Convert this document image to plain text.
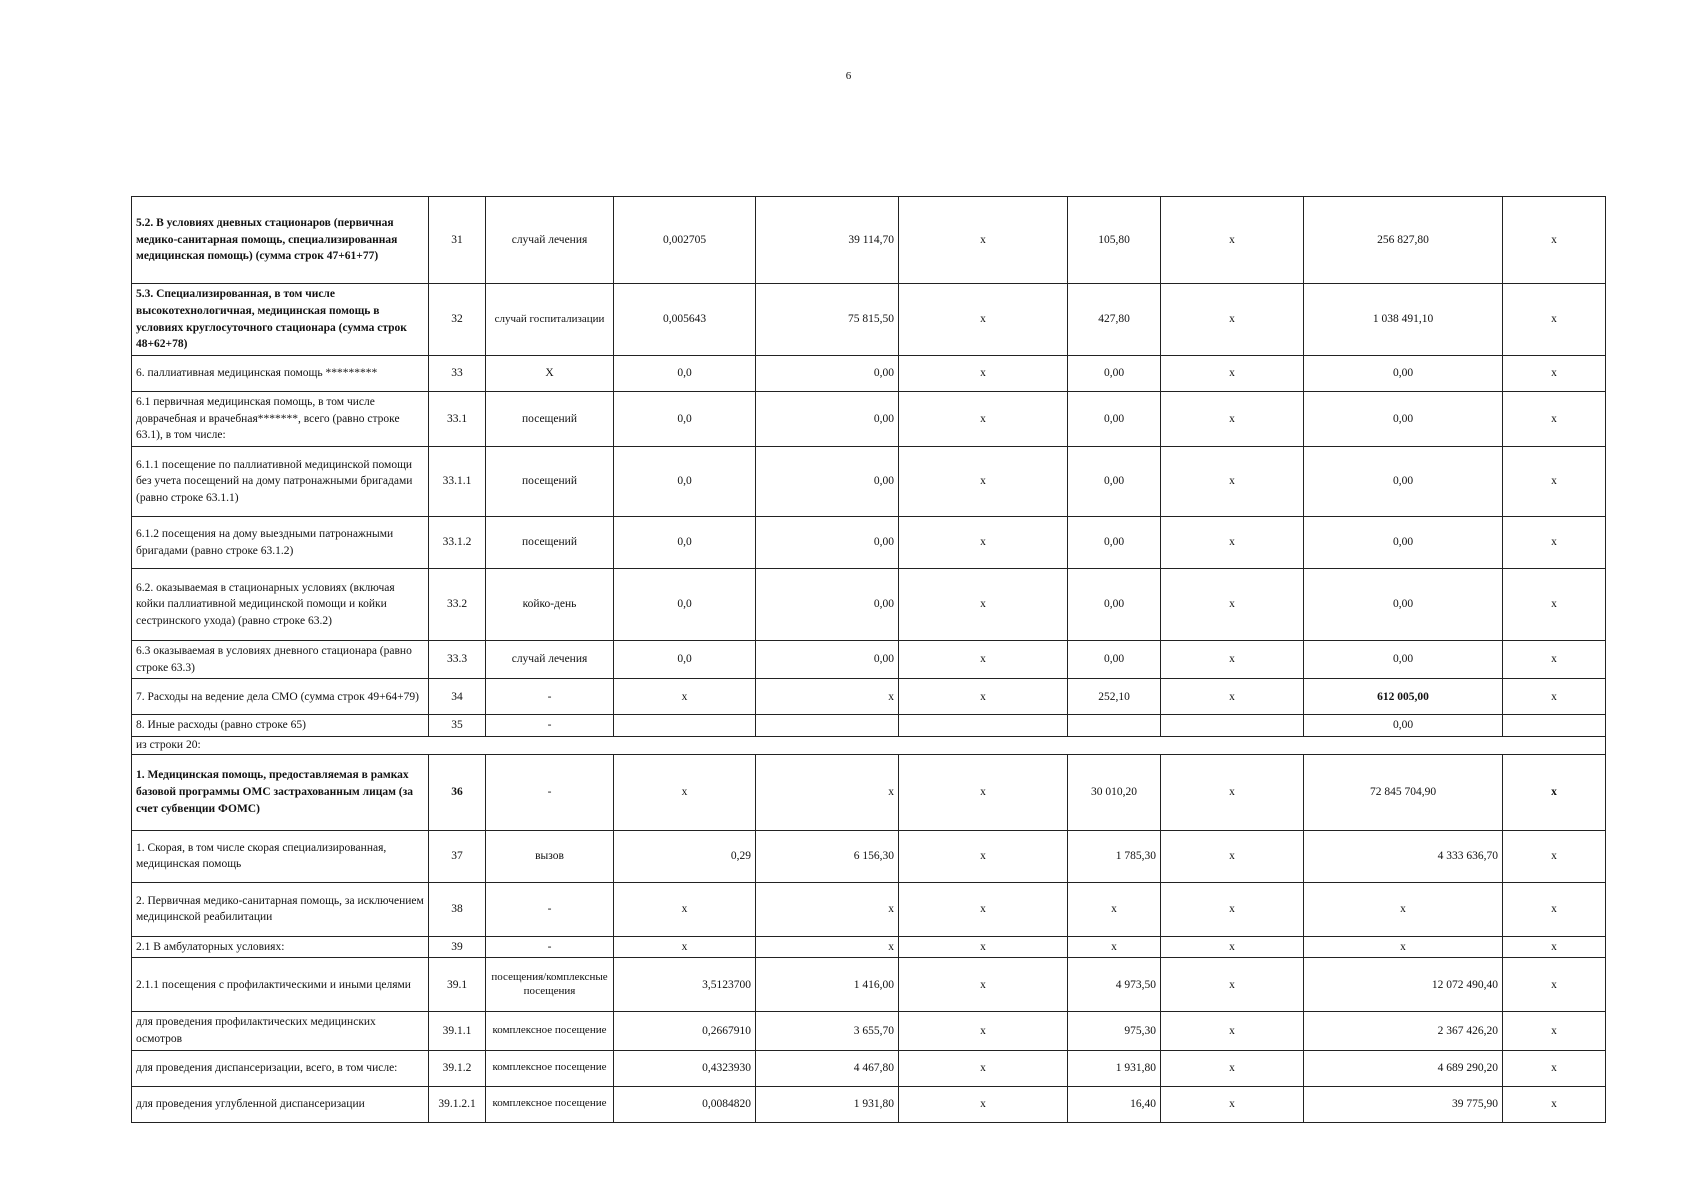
6
5.2. В условиях дневных стационаров (первичная медико-санитарная помощь, специализированная медицинская помощь) (сумма строк 47+61+77)	31	случай лечения	0,002705	39 114,70	х	105,80	х	256 827,80	х
5.3. Специализированная, в том числе высокотехнологичная, медицинская помощь в условиях круглосуточного стационара (сумма строк 48+62+78)	32	случай госпитализации	0,005643	75 815,50	х	427,80	х	1 038 491,10	х
6. паллиативная медицинская помощь *********	33	Х	0,0	0,00	х	0,00	х	0,00	х
6.1 первичная медицинская помощь, в том числе доврачебная и врачебная*******, всего (равно строке 63.1), в том числе:	33.1	посещений	0,0	0,00	х	0,00	х	0,00	х
6.1.1 посещение по паллиативной медицинской помощи без учета посещений на дому патронажными бригадами (равно строке 63.1.1)	33.1.1	посещений	0,0	0,00	х	0,00	х	0,00	х
6.1.2 посещения на дому выездными патронажными бригадами (равно строке 63.1.2)	33.1.2	посещений	0,0	0,00	х	0,00	х	0,00	х
6.2. оказываемая в стационарных условиях (включая койки паллиативной медицинской помощи и койки сестринского ухода) (равно строке 63.2)	33.2	койко-день	0,0	0,00	х	0,00	х	0,00	х
6.3 оказываемая в условиях дневного стационара (равно строке 63.3)	33.3	случай лечения	0,0	0,00	х	0,00	х	0,00	х
7. Расходы на ведение дела СМО (сумма строк 49+64+79)	34	-	х	х	х	252,10	х	612 005,00	х
8. Иные расходы (равно строке 65)	35	-						0,00	
из строки 20:									
1. Медицинская помощь, предоставляемая в рамках базовой программы ОМС застрахованным лицам (за счет субвенции ФОМС)	36	-	х	х	х	30 010,20	х	72 845 704,90	х
1. Скорая, в том числе скорая специализированная, медицинская помощь	37	вызов	0,29	6 156,30	х	1 785,30	х	4 333 636,70	х
2. Первичная медико-санитарная помощь, за исключением медицинской реабилитации	38	-	х	х	х	х	х	х	х
2.1 В амбулаторных условиях:	39	-	х	х	х	х	х	х	х
2.1.1 посещения с профилактическими и иными целями	39.1	посещения/комплексные посещения	3,5123700	1 416,00	х	4 973,50	х	12 072 490,40	х
для проведения профилактических медицинских осмотров	39.1.1	комплексное посещение	0,2667910	3 655,70	х	975,30	х	2 367 426,20	х
для проведения диспансеризации, всего, в том числе:	39.1.2	комплексное посещение	0,4323930	4 467,80	х	1 931,80	х	4 689 290,20	х
для проведения углубленной диспансеризации	39.1.2.1	комплексное посещение	0,0084820	1 931,80	х	16,40	х	39 775,90	х
